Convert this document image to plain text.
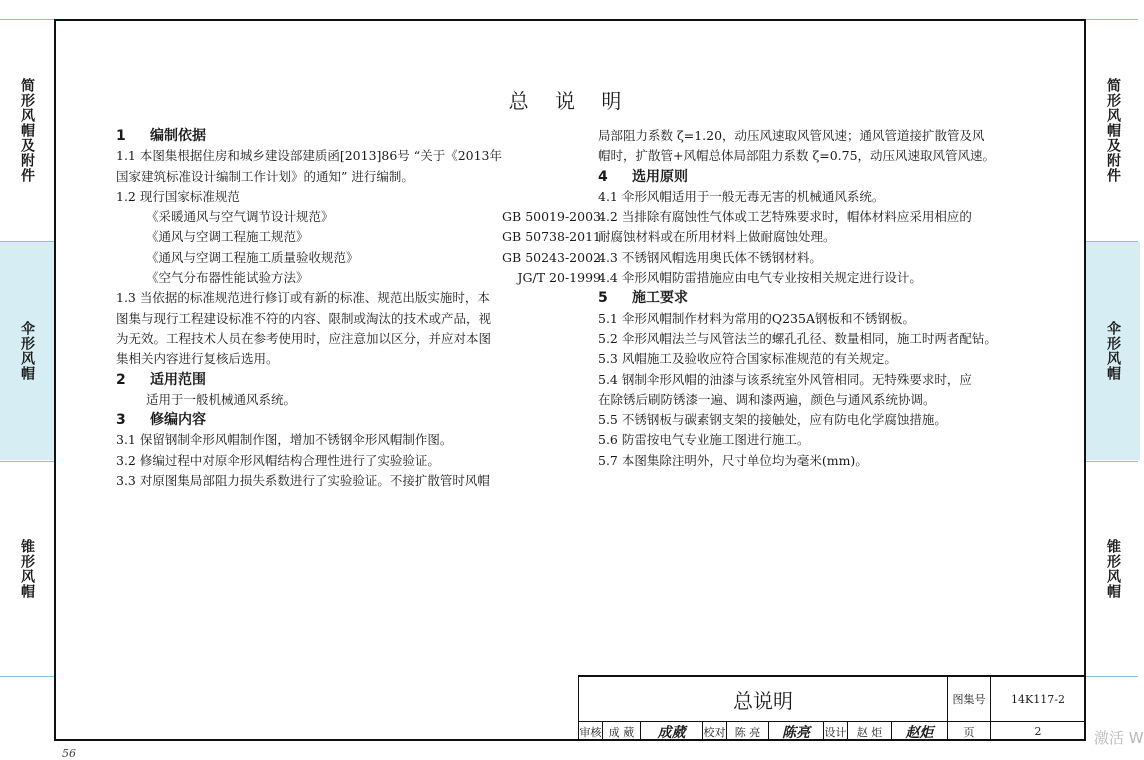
简形风帽及附件
伞形风帽
锥形风帽
简形风帽及附件
伞形风帽
锥形风帽
总 说 明

1 编制依据

1.1 本图集根据住房和城乡建设部建质函[2013]86号 “关于《2013年

国家建筑标准设计编制工作计划》的通知” 进行编制。

1.2 现行国家标准规范

《采暖通风与空气调节设计规范》	GB 50019-2003

《通风与空调工程施工规范》	GB 50738-2011

《通风与空调工程施工质量验收规范》	GB 50243-2002

《空气分布器性能试验方法》	JG/T 20-1999

1.3 当依据的标准规范进行修订或有新的标准、规范出版实施时，本

图集与现行工程建设标准不符的内容、限制或淘汰的技术或产品，视

为无效。工程技术人员在参考使用时，应注意加以区分，并应对本图

集相关内容进行复核后选用。

2 适用范围

适用于一般机械通风系统。

3 修编内容

3.1 保留钢制伞形风帽制作图，增加不锈钢伞形风帽制作图。

3.2 修编过程中对原伞形风帽结构合理性进行了实验验证。

3.3 对原图集局部阻力损失系数进行了实验验证。不接扩散管时风帽

局部阻力系数 ζ=1.20，动压风速取风管风速；通风管道接扩散管及风

帽时，扩散管+风帽总体局部阻力系数 ζ=0.75，动压风速取风管风速。

4 选用原则

4.1 伞形风帽适用于一般无毒无害的机械通风系统。

4.2 当排除有腐蚀性气体或工艺特殊要求时，帽体材料应采用相应的

耐腐蚀材料或在所用材料上做耐腐蚀处理。

4.3 不锈钢风帽选用奥氏体不锈钢材料。

4.4 伞形风帽防雷措施应由电气专业按相关规定进行设计。

5 施工要求

5.1 伞形风帽制作材料为常用的Q235A钢板和不锈钢板。

5.2 伞形风帽法兰与风管法兰的螺孔孔径、数量相同，施工时两者配钻。

5.3 风帽施工及验收应符合国家标准规范的有关规定。

5.4 钢制伞形风帽的油漆与该系统室外风管相同。无特殊要求时，应

在除锈后刷防锈漆一遍、调和漆两遍，颜色与通风系统协调。

5.5 不锈钢板与碳素钢支架的接触处，应有防电化学腐蚀措施。

5.6 防雷按电气专业施工图进行施工。

5.7 本图集除注明外，尺寸单位均为毫米(mm)。

总说明	图集号	14K117-2
审核 成 葳	成葳	校对 陈 亮	陈亮	设计 赵 炬	赵炬	页	2
56
激活 W
